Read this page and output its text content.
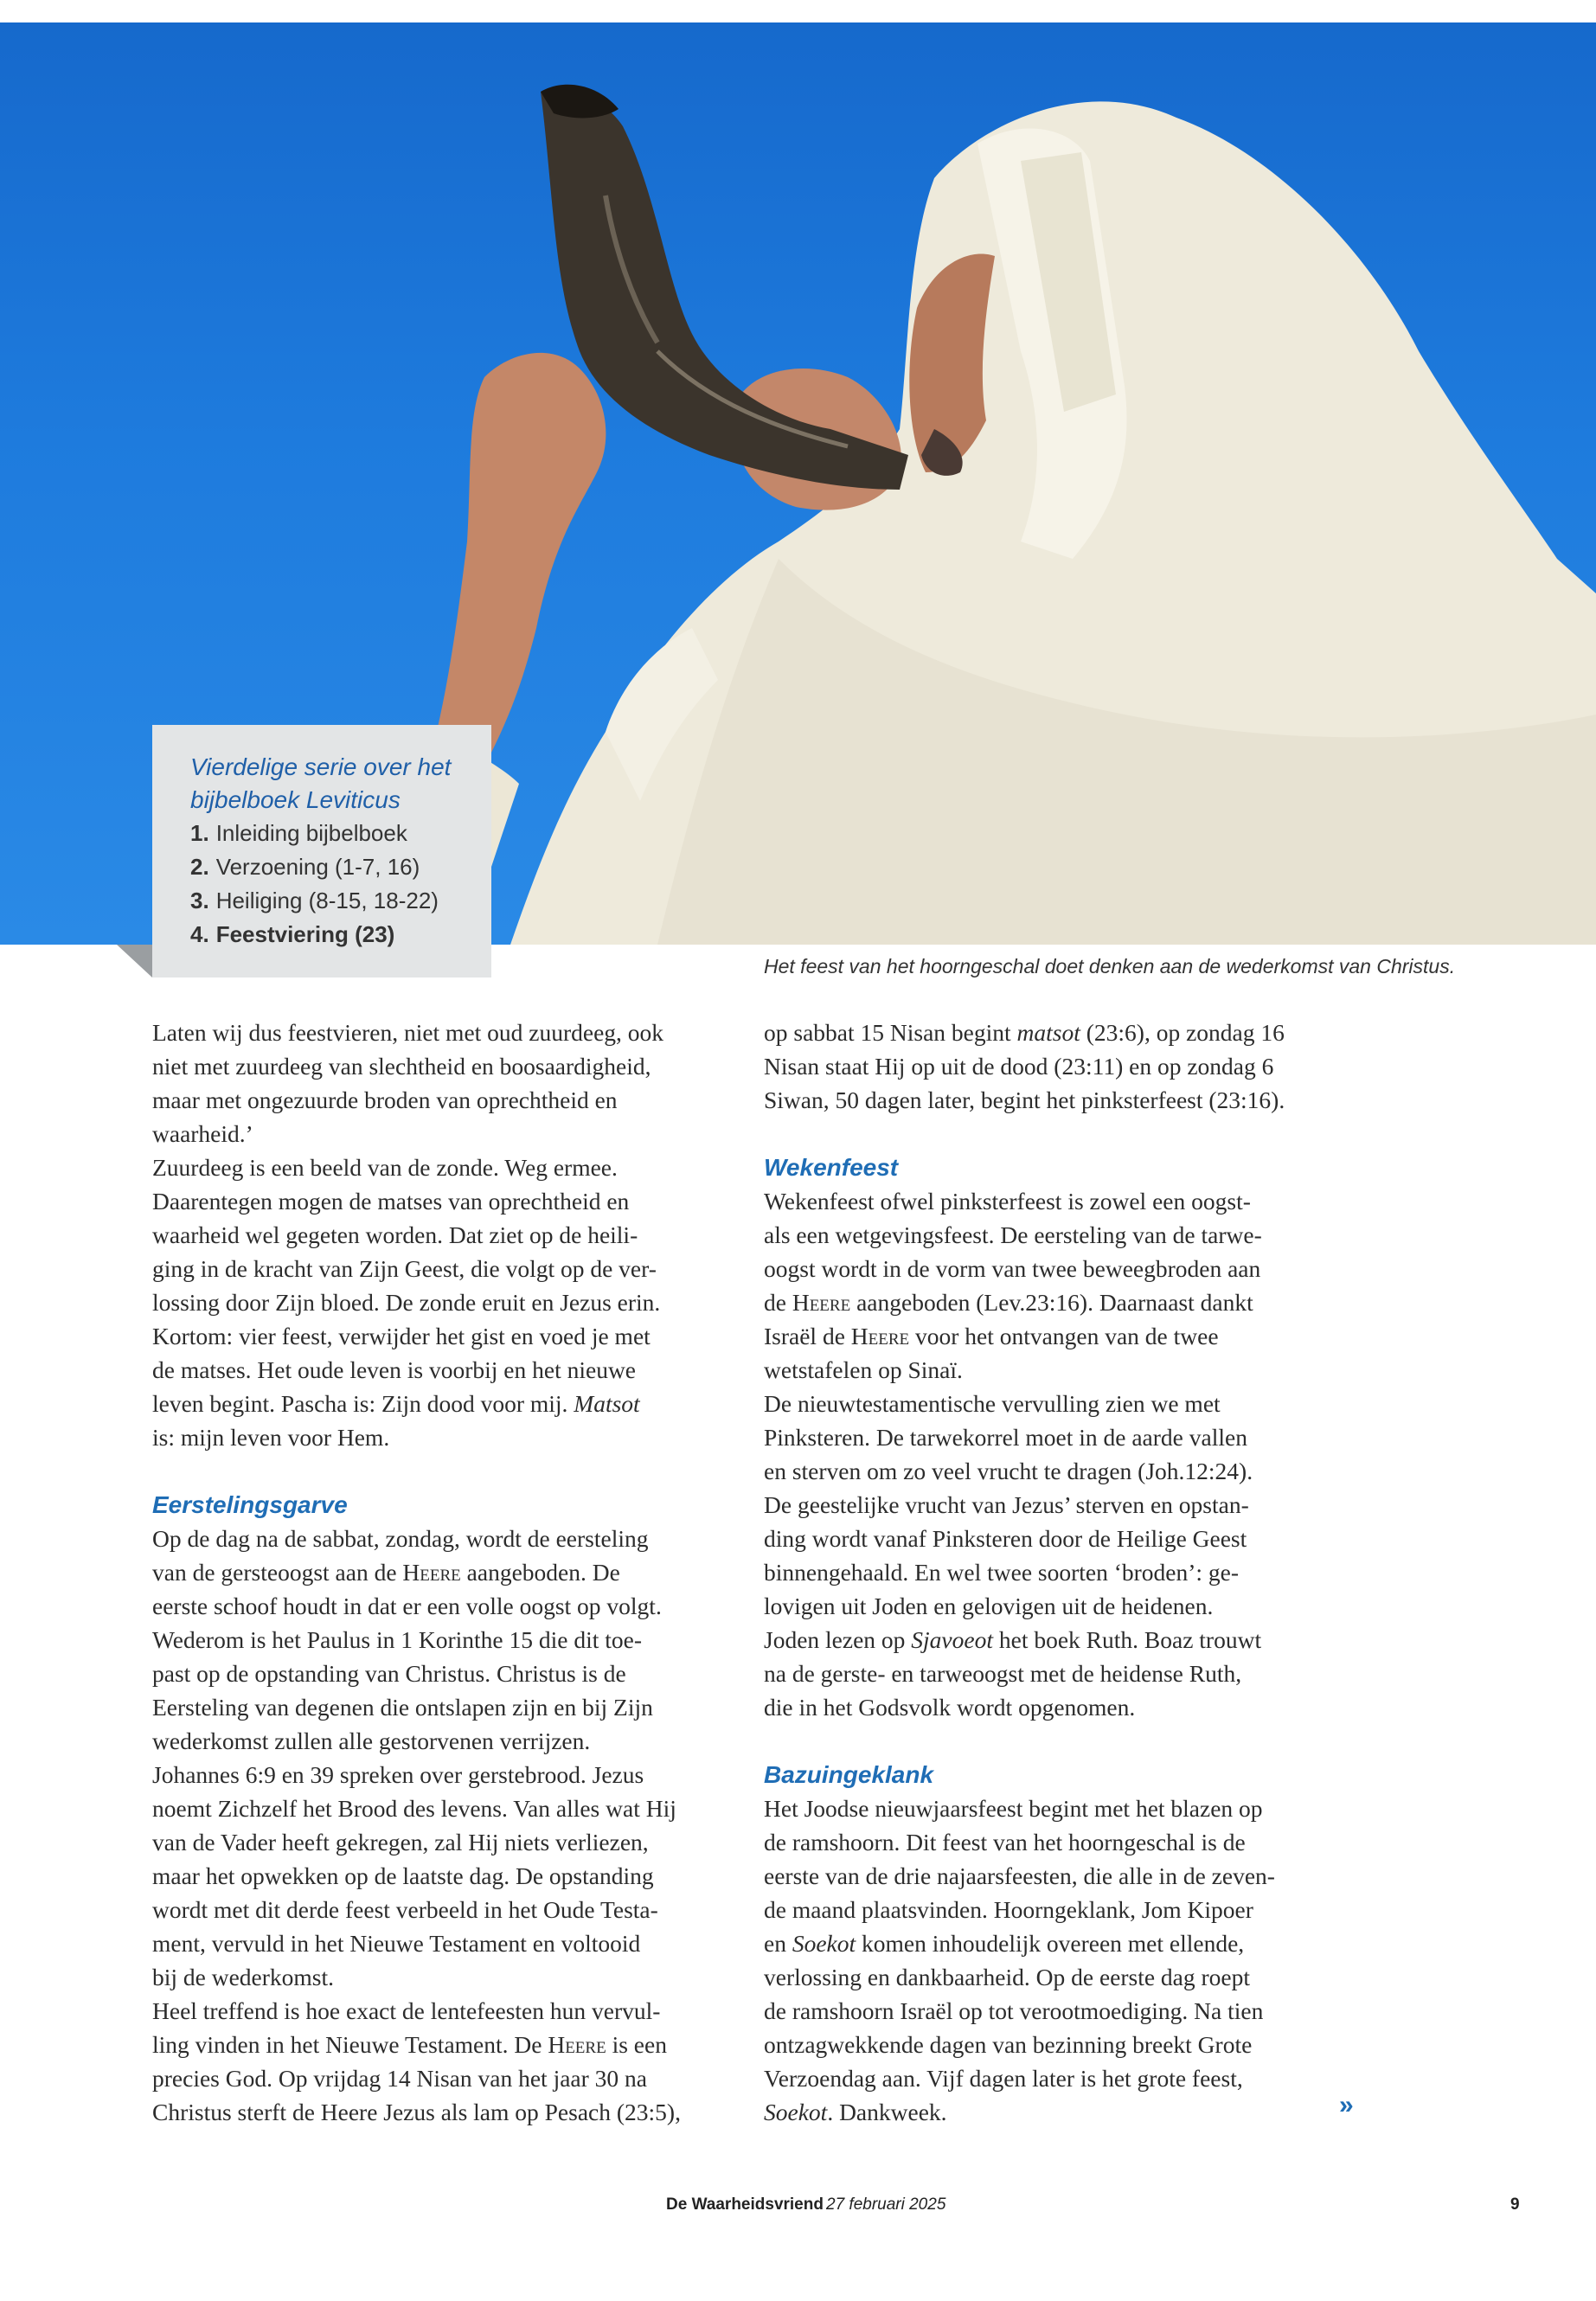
Vierdelige serie over het

bijbelboek Leviticus

1. Inleiding bijbelboek
2. Verzoening (1-7, 16)
3. Heiliging (8-15, 18-22)
4. Feestviering (23)
Het feest van het hoorngeschal doet denken aan de wederkomst van Christus.

Laten wij dus feestvieren, niet met oud zuurdeeg, ook

niet met zuurdeeg van slechtheid en boosaardigheid,

maar met ongezuurde broden van oprechtheid en

waarheid.’

Zuurdeeg is een beeld van de zonde. Weg ermee.

Daarentegen mogen de matses van oprechtheid en

waarheid wel gegeten worden. Dat ziet op de heili-

ging in de kracht van Zijn Geest, die volgt op de ver-

lossing door Zijn bloed. De zonde eruit en Jezus erin.

Kortom: vier feest, verwijder het gist en voed je met

de matses. Het oude leven is voorbij en het nieuwe

leven begint. Pascha is: Zijn dood voor mij. Matsot

is: mijn leven voor Hem.

Eerstelingsgarve

Op de dag na de sabbat, zondag, wordt de eersteling

van de gersteoogst aan de Heere aangeboden. De

eerste schoof houdt in dat er een volle oogst op volgt.

Wederom is het Paulus in 1 Korinthe 15 die dit toe-

past op de opstanding van Christus. Christus is de

Eersteling van degenen die ontslapen zijn en bij Zijn

wederkomst zullen alle gestorvenen verrijzen.

Johannes 6:9 en 39 spreken over gerstebrood. Jezus

noemt Zichzelf het Brood des levens. Van alles wat Hij

van de Vader heeft gekregen, zal Hij niets verliezen,

maar het opwekken op de laatste dag. De opstanding

wordt met dit derde feest verbeeld in het Oude Testa-

ment, vervuld in het Nieuwe Testament en voltooid

bij de wederkomst.

Heel treffend is hoe exact de lentefeesten hun vervul-

ling vinden in het Nieuwe Testament. De Heere is een

precies God. Op vrijdag 14 Nisan van het jaar 30 na

Christus sterft de Heere Jezus als lam op Pesach (23:5),

op sabbat 15 Nisan begint matsot (23:6), op zondag 16

Nisan staat Hij op uit de dood (23:11) en op zondag 6

Siwan, 50 dagen later, begint het pinksterfeest (23:16).

Wekenfeest

Wekenfeest ofwel pinksterfeest is zowel een oogst-

als een wetgevingsfeest. De eersteling van de tarwe-

oogst wordt in de vorm van twee beweegbroden aan

de Heere aangeboden (Lev.23:16). Daarnaast dankt

Israël de Heere voor het ontvangen van de twee

wetstafelen op Sinaï.

De nieuwtestamentische vervulling zien we met

Pinksteren. De tarwekorrel moet in de aarde vallen

en sterven om zo veel vrucht te dragen (Joh.12:24).

De geestelijke vrucht van Jezus’ sterven en opstan-

ding wordt vanaf Pinksteren door de Heilige Geest

binnengehaald. En wel twee soorten ‘broden’: ge-

lovigen uit Joden en gelovigen uit de heidenen.

Joden lezen op Sjavoeot het boek Ruth. Boaz trouwt

na de gerste- en tarweoogst met de heidense Ruth,

die in het Godsvolk wordt opgenomen.

Bazuingeklank

Het Joodse nieuwjaarsfeest begint met het blazen op

de ramshoorn. Dit feest van het hoorngeschal is de

eerste van de drie najaarsfeesten, die alle in de zeven-

de maand plaatsvinden. Hoorngeklank, Jom Kipoer

en Soekot komen inhoudelijk overeen met ellende,

verlossing en dankbaarheid. Op de eerste dag roept

de ramshoorn Israël op tot verootmoediging. Na tien

ontzagwekkende dagen van bezinning breekt Grote

Verzoendag aan. Vijf dagen later is het grote feest,

Soekot. Dankweek.	»
De Waarheidsvriend 27 februari 2025	9
